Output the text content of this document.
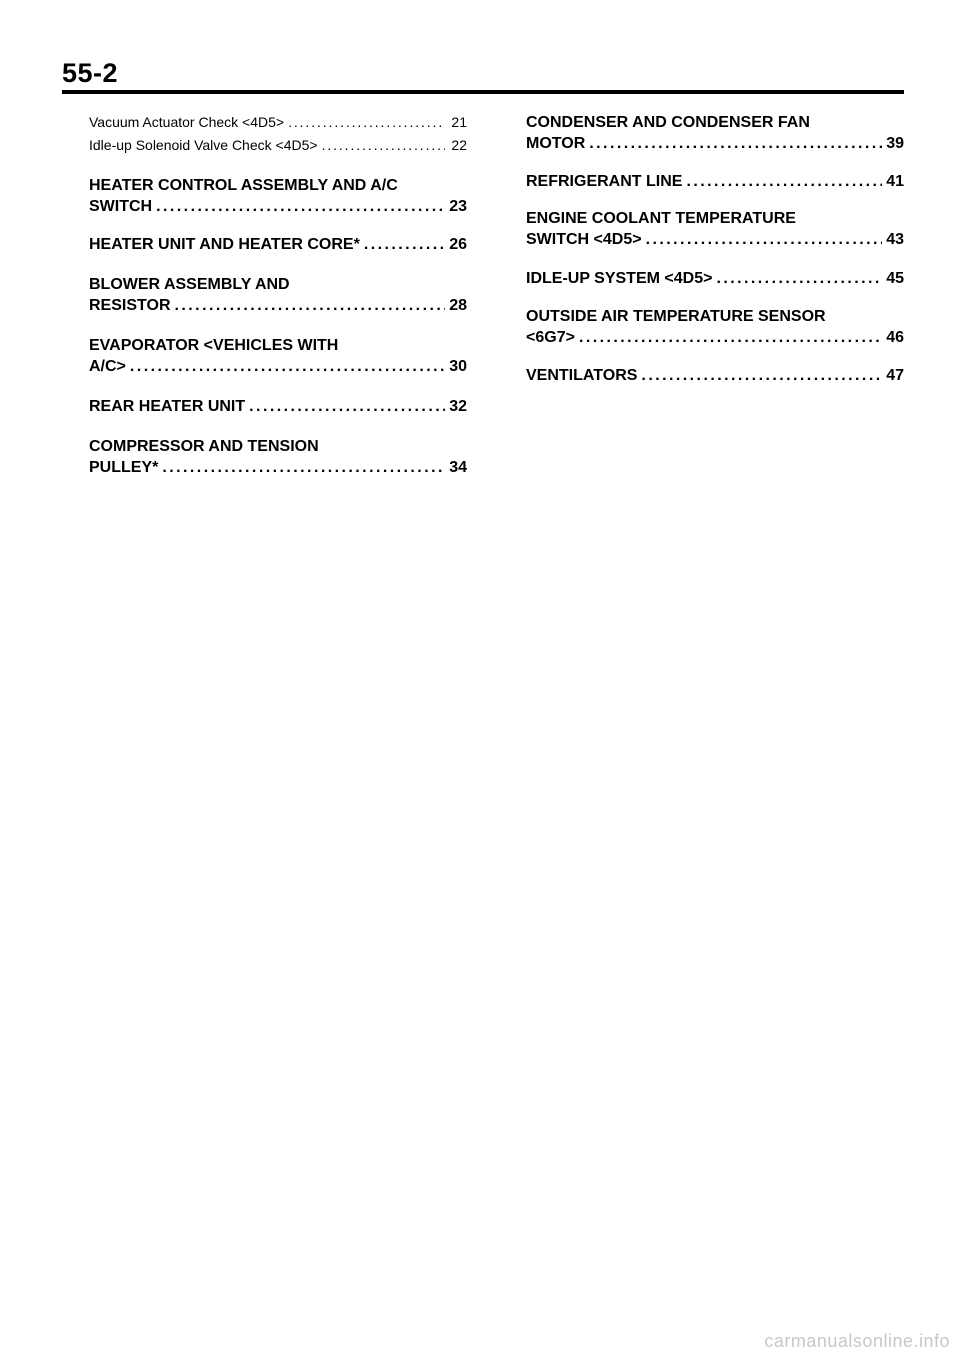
55-2
Vacuum Actuator Check <4D5> . . .	21
Idle-up Solenoid Valve Check <4D5> . . .	22
HEATER CONTROL ASSEMBLY AND A/C
SWITCH . . .	23
HEATER UNIT AND HEATER CORE* . . .	26
BLOWER ASSEMBLY AND
RESISTOR . . .	28
EVAPORATOR <VEHICLES WITH
A/C> . . .	30
REAR HEATER UNIT . . .	32
COMPRESSOR AND TENSION
PULLEY* . . .	34
CONDENSER AND CONDENSER FAN
MOTOR . . .	39
REFRIGERANT LINE . . .	41
ENGINE COOLANT TEMPERATURE
SWITCH <4D5> . . .	43
IDLE-UP SYSTEM <4D5> . . .	45
OUTSIDE AIR TEMPERATURE SENSOR
<6G7> . . .	46
VENTILATORS . . .	47
carmanualsonline.info
